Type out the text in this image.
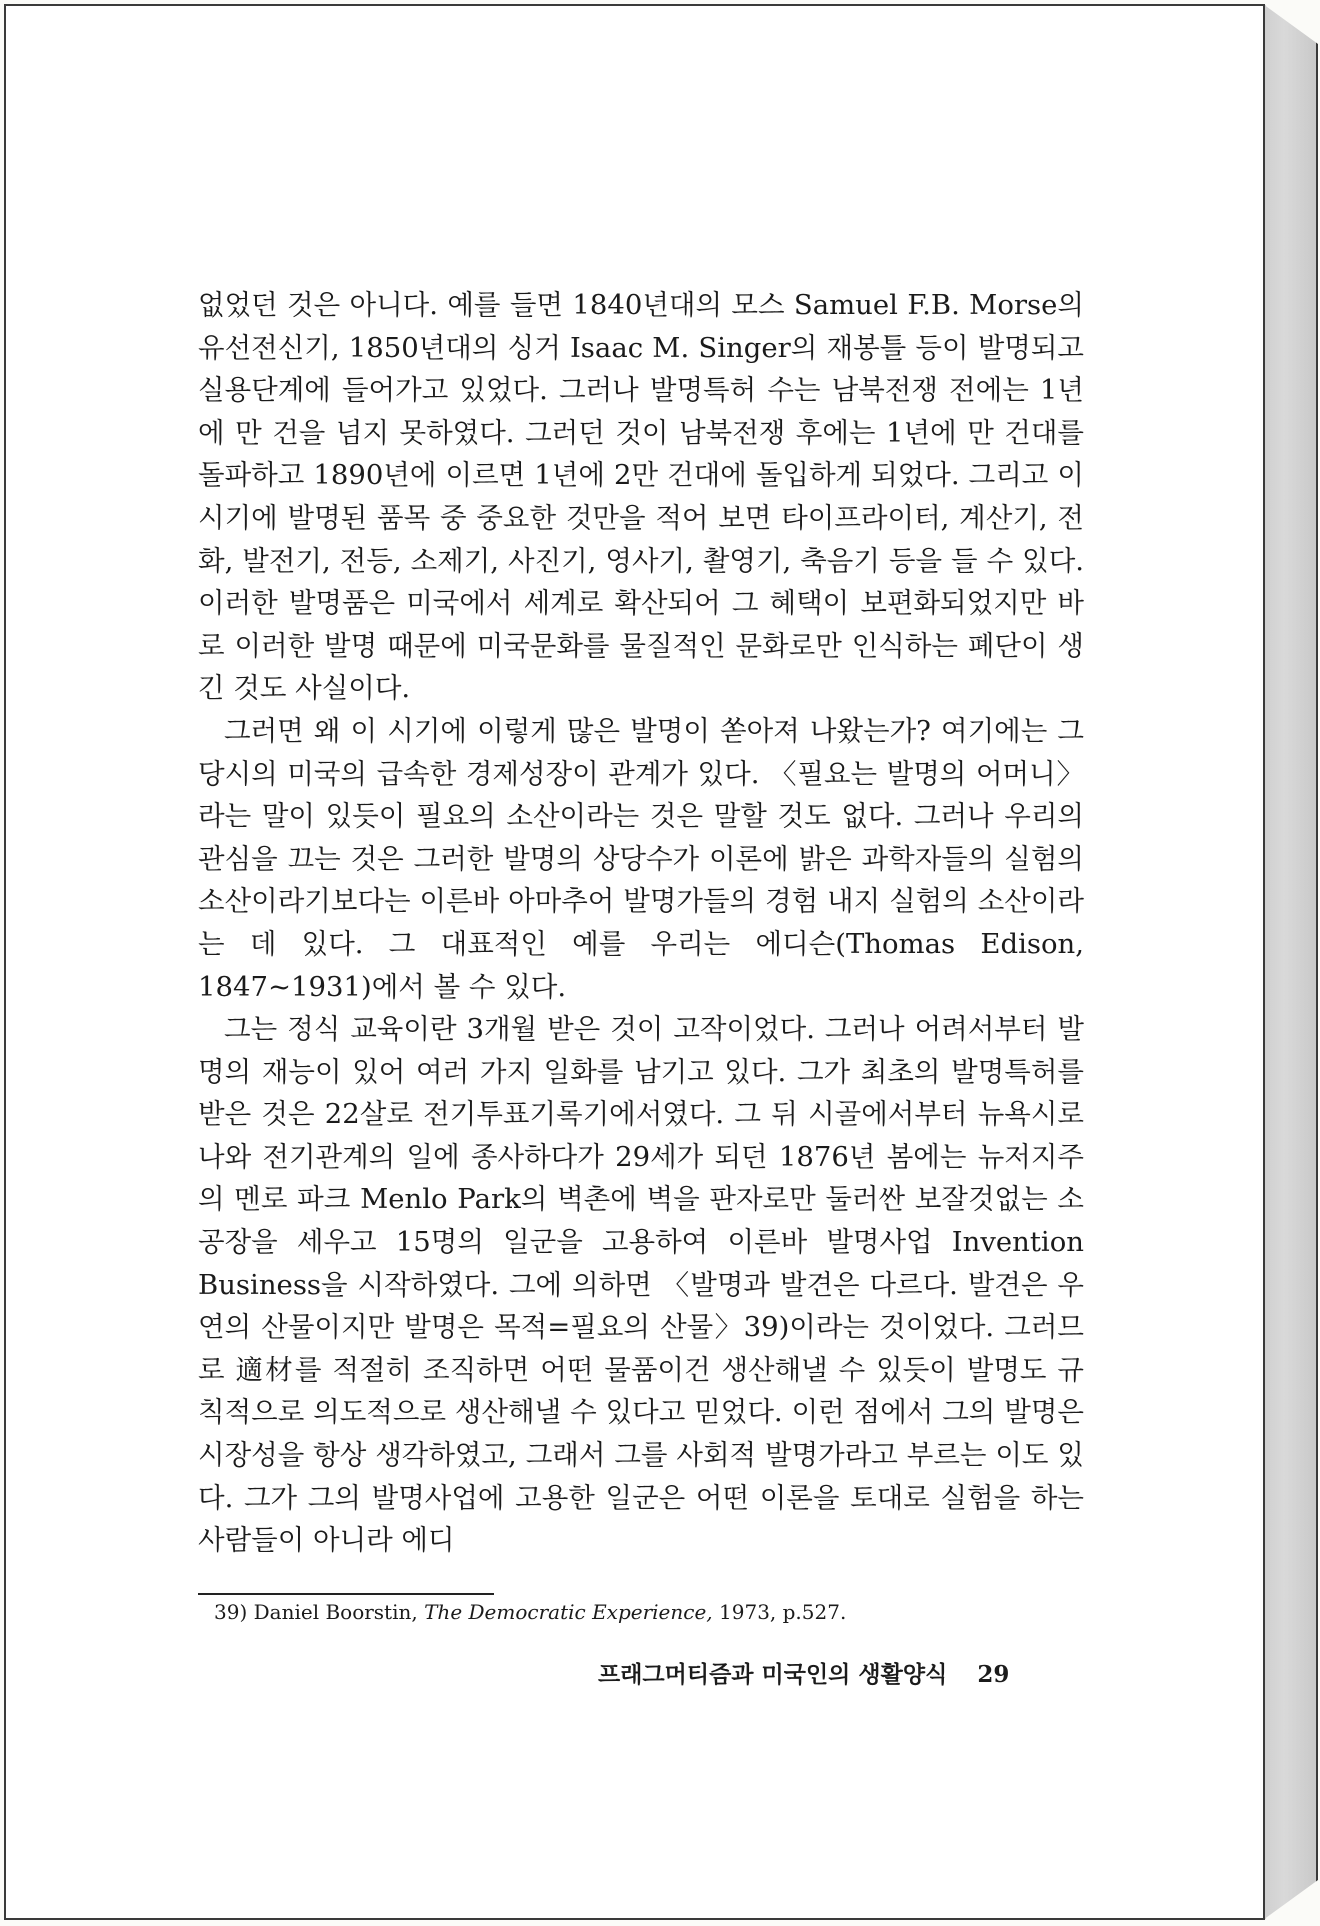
없었던 것은 아니다. 예를 들면 1840년대의 모스 Samuel F.B. Morse의 유선전신기, 1850년대의 싱거 Isaac M. Singer의 재봉틀 등이 발명되고 실용단계에 들어가고 있었다. 그러나 발명특허 수는 남북전쟁 전에는 1년에 만 건을 넘지 못하였다. 그러던 것이 남북전쟁 후에는 1년에 만 건대를 돌파하고 1890년에 이르면 1년에 2만 건대에 돌입하게 되었다. 그리고 이 시기에 발명된 품목 중 중요한 것만을 적어 보면 타이프라이터, 계산기, 전화, 발전기, 전등, 소제기, 사진기, 영사기, 촬영기, 축음기 등을 들 수 있다. 이러한 발명품은 미국에서 세계로 확산되어 그 혜택이 보편화되었지만 바로 이러한 발명 때문에 미국문화를 물질적인 문화로만 인식하는 폐단이 생긴 것도 사실이다.

그러면 왜 이 시기에 이렇게 많은 발명이 쏟아져 나왔는가? 여기에는 그 당시의 미국의 급속한 경제성장이 관계가 있다. 〈필요는 발명의 어머니〉라는 말이 있듯이 필요의 소산이라는 것은 말할 것도 없다. 그러나 우리의 관심을 끄는 것은 그러한 발명의 상당수가 이론에 밝은 과학자들의 실험의 소산이라기보다는 이른바 아마추어 발명가들의 경험 내지 실험의 소산이라는 데 있다. 그 대표적인 예를 우리는 에디슨(Thomas Edison, 1847~1931)에서 볼 수 있다.

그는 정식 교육이란 3개월 받은 것이 고작이었다. 그러나 어려서부터 발명의 재능이 있어 여러 가지 일화를 남기고 있다. 그가 최초의 발명특허를 받은 것은 22살로 전기투표기록기에서였다. 그 뒤 시골에서부터 뉴욕시로 나와 전기관계의 일에 종사하다가 29세가 되던 1876년 봄에는 뉴저지주의 멘로 파크 Menlo Park의 벽촌에 벽을 판자로만 둘러싼 보잘것없는 소공장을 세우고 15명의 일군을 고용하여 이른바 발명사업 Invention Business을 시작하였다. 그에 의하면 〈발명과 발견은 다르다. 발견은 우연의 산물이지만 발명은 목적=필요의 산물〉39)이라는 것이었다. 그러므로 適材를 적절히 조직하면 어떤 물품이건 생산해낼 수 있듯이 발명도 규칙적으로 의도적으로 생산해낼 수 있다고 믿었다. 이런 점에서 그의 발명은 시장성을 항상 생각하였고, 그래서 그를 사회적 발명가라고 부르는 이도 있다. 그가 그의 발명사업에 고용한 일군은 어떤 이론을 토대로 실험을 하는 사람들이 아니라 에디

39) Daniel Boorstin, The Democratic Experience, 1973, p.527.
프래그머티즘과 미국인의 생활양식 29
